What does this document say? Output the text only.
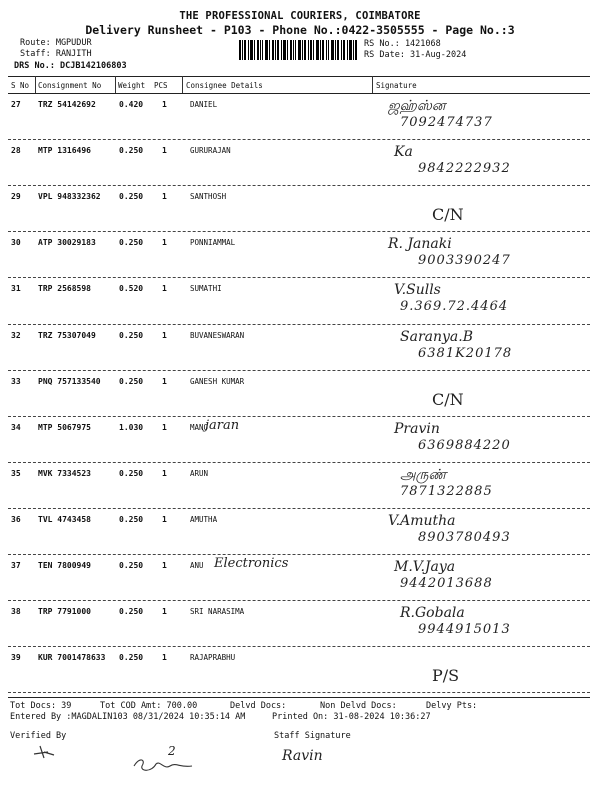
THE PROFESSIONAL COURIERS, COIMBATORE
Delivery Runsheet - P103 - Phone No.:0422-3505555 - Page No.:3
Route: MGPUDUR
Staff: RANJITH
DRS No.: DCJB142106803
RS No.: 1421068
RS Date: 31-Aug-2024
S No Consignment No Weight PCS Consignee Details	Signature
27 TRZ 54142692	0.420 1	DANIEL	ஜஹ்ஸ்ன
7092474737
28 MTP 1316496	0.250 1	GURURAJAN	Ka
9842222932
29 VPL 948332362 0.250 1	SANTHOSH
C/N
30 ATP 30029183	0.250 1	PONNIAMMAL	R. Janaki
9003390247
31 TRP 2568598	0.520 1	SUMATHI	V.Sulls
9.369.72.4464
32 TRZ 75307049	0.250 1	BUVANESWARAN	Saranya.B
6381K20178
33 PNQ 757133540 0.250 1	GANESH KUMAR
C/N
34 MTP 5067975	1.030 1	MANO
jaran	Pravin
6369884220
35 MVK 7334523	0.250 1	ARUN	அருண்
7871322885
36 TVL 4743458	0.250 1	AMUTHA	V.Amutha
8903780493
37 TEN 7800949	0.250 1	ANU Electronics	M.V.Jaya
9442013688
38 TRP 7791000	0.250 1	SRI NARASIMA	R.Gobala
9944915013
39 KUR 7001478633 0.250 1	RAJAPRABHU
P/S
Tot Docs: 39	Tot COD Amt: 700.00	Delvd Docs:	Non Delvd Docs:	Delvy Pts:
Entered By :MAGDALIN103 08/31/2024 10:35:14 AM	Printed On: 31-08-2024 10:36:27
Verified By	Staff Signature
2	Ravin
